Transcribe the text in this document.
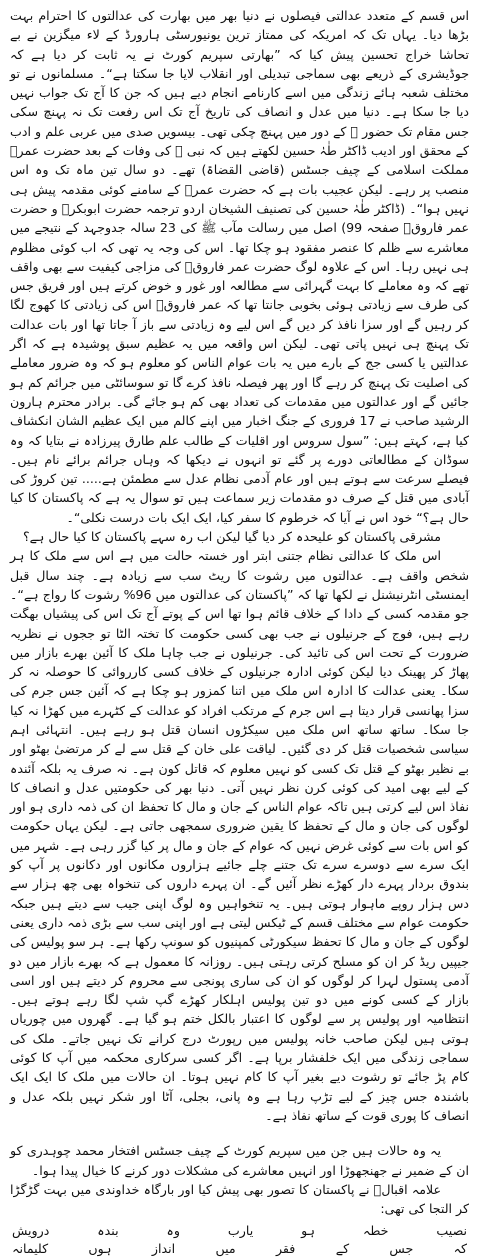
اس قسم کے متعدد عدالتی فیصلوں نے دنیا بھر میں بھارت کی عدالتوں کا احترام بہت بڑھا دیا۔ یہاں تک کہ امریکہ کی ممتاز ترین یونیورسٹی ہارورڈ کے لاء میگزین نے بے تحاشا خراج تحسین پیش کیا کہ ”بھارتی سپریم کورٹ نے یہ ثابت کر دیا ہے کہ جوڈیشری کے ذریعے بھی سماجی تبدیلی اور انقلاب لایا جا سکتا ہے“۔ مسلمانوں نے تو مختلف شعبہ ہائے زندگی میں اسے کارنامے انجام دیے ہیں کہ جن کا آج تک جواب نہیں دیا جا سکا ہے۔ دنیا میں عدل و انصاف کی تاریخ آج تک اس رفعت تک نہ پہنچ سکی جس مقام تک حضور ﷺ کے دور میں پہنچ چکی تھی۔ بیسویں صدی میں عربی علم و ادب کے محقق اور ادیب ڈاکٹر طٰہٰ حسین لکھتے ہیں کہ نبی ﷺ کی وفات کے بعد حضرت عمرؓ مملکت اسلامی کے چیف جسٹس (قاضی القضاۃ) تھے۔ دو سال تین ماہ تک وہ اس منصب پر رہے۔ لیکن عجیب بات ہے کہ حضرت عمرؓ کے سامنے کوئی مقدمہ پیش ہی نہیں ہوا“۔ (ڈاکٹر طٰہٰ حسین کی تصنیف الشیخان اردو ترجمہ حضرت ابوبکرؓ و حضرت عمر فاروقؓ صفحہ 99) اصل میں رسالت مآب ﷺ کی 23 سالہ جدوجہد کے نتیجے میں معاشرے سے ظلم کا عنصر مفقود ہو چکا تھا۔ اس کی وجہ یہ تھی کہ اب کوئی مظلوم ہی نہیں رہا۔ اس کے علاوہ لوگ حضرت عمر فاروقؓ کی مزاجی کیفیت سے بھی واقف تھے کہ وہ معاملے کا بہت گہرائی سے مطالعہ اور غور و خوض کرتے ہیں اور فریق جس کی طرف سے زیادتی ہوئی بخوبی جانتا تھا کہ عمر فاروقؓ اس کی زیادتی کا کھوج لگا کر رہیں گے اور سزا نافذ کر دیں گے اس لیے وہ زیادتی سے باز آ جاتا تھا اور بات عدالت تک پہنچ ہی نہیں پاتی تھی۔ لیکن اس واقعہ میں یہ عظیم سبق پوشیدہ ہے کہ اگر عدالتیں یا کسی جج کے بارے میں یہ بات عوام الناس کو معلوم ہو کہ وہ ضرور معاملے کی اصلیت تک پہنچ کر رہے گا اور پھر فیصلہ نافذ کرے گا تو سوسائٹی میں جرائم کم ہو جائیں گے اور عدالتوں میں مقدمات کی تعداد بھی کم ہو جائے گی۔ برادر محترم ہارون الرشید صاحب نے 17 فروری کے جنگ اخبار میں اپنے کالم میں ایک عظیم الشان انکشاف کیا ہے، کہتے ہیں: ”سول سروس اور اقلیات کے طالب علم طارق پیرزادہ نے بتایا کہ وہ سوڈان کے مطالعاتی دورے پر گئے تو انہوں نے دیکھا کہ وہاں جرائم برائے نام ہیں۔ فیصلے سرعت سے ہوتے ہیں اور عام آدمی نظام عدل سے مطمئن ہے..... تین کروڑ کی آبادی میں قتل کے صرف دو مقدمات زیر سماعت ہیں تو سوال یہ ہے کہ پاکستان کا کیا حال ہے؟“ خود اس نے آیا کہ خرطوم کا سفر کیا، ایک ایک بات درست نکلی“۔

مشرقی پاکستان کو علیحدہ کر دیا گیا لیکن اب رہ سہے پاکستان کا کیا حال ہے؟

اس ملک کا عدالتی نظام جتنی ابتر اور خستہ حالت میں ہے اس سے ملک کا ہر شخص واقف ہے۔ عدالتوں میں رشوت کا ریٹ سب سے زیادہ ہے۔ چند سال قبل ایمنسٹی انٹرنیشنل نے لکھا تھا کہ ”پاکستان کی عدالتوں میں 96% رشوت کا رواج ہے“۔ جو مقدمہ کسی کے دادا کے خلاف قائم ہوا تھا اس کے پوتے آج تک اس کی پیشیاں بھگت رہے ہیں، فوج کے جرنیلوں نے جب بھی کسی حکومت کا تختہ الٹا تو ججوں نے نظریہ ضرورت کے تحت اس کی تائید کی۔ جرنیلوں نے جب چاہا ملک کا آئین بھرے بازار میں پھاڑ کر پھینک دیا لیکن کوئی ادارہ جرنیلوں کے خلاف کسی کارروائی کا حوصلہ نہ کر سکا۔ یعنی عدالت کا ادارہ اس ملک میں اتنا کمزور ہو چکا ہے کہ آئین جس جرم کی سزا پھانسی قرار دیتا ہے اس جرم کے مرتکب افراد کو عدالت کے کٹہرے میں کھڑا نہ کیا جا سکا۔ ساتھ ساتھ اس ملک میں سیکڑوں انسان قتل ہو رہے ہیں۔ انتہائی اہم سیاسی شخصیات قتل کر دی گئیں۔ لیاقت علی خان کے قتل سے لے کر مرتضیٰ بھٹو اور بے نظیر بھٹو کے قتل تک کسی کو نہیں معلوم کہ قاتل کون ہے۔ نہ صرف یہ بلکہ آئندہ کے لیے بھی امید کی کوئی کرن نظر نہیں آتی۔ دنیا بھر کی حکومتیں عدل و انصاف کا نفاذ اس لیے کرتی ہیں تاکہ عوام الناس کے جان و مال کا تحفظ ان کی ذمہ داری ہو اور لوگوں کی جان و مال کے تحفظ کا یقین ضروری سمجھی جاتی ہے۔ لیکن یہاں حکومت کو اس بات سے کوئی غرض نہیں کہ عوام کے جان و مال پر کیا گزر رہی ہے۔ شہر میں ایک سرے سے دوسرے سرے تک جتنے چلے جائیے ہزاروں مکانوں اور دکانوں پر آپ کو بندوق بردار پہرے دار کھڑے نظر آئیں گے۔ ان پہرے داروں کی تنخواہ بھی چھ ہزار سے دس ہزار روپے ماہوار ہوتی ہیں۔ یہ تنخواہیں وہ لوگ اپنی جیب سے دیتے ہیں جبکہ حکومت عوام سے مختلف قسم کے ٹیکس لیتی ہے اور اپنی سب سے بڑی ذمہ داری یعنی لوگوں کے جان و مال کا تحفظ سیکورٹی کمپنیوں کو سونپ رکھا ہے۔ ہر سو پولیس کی جیپیں ریڈ کر ان کو مسلح کرتی رہتی ہیں۔ روزانہ کا معمول ہے کہ بھرے بازار میں دو آدمی پستول لہرا کر لوگوں کو ان کی ساری پونجی سے محروم کر دیتے ہیں اور اسی بازار کے کسی کونے میں دو تین پولیس اہلکار کھڑے گپ شپ لگا رہے ہوتے ہیں۔ انتظامیہ اور پولیس پر سے لوگوں کا اعتبار بالکل ختم ہو گیا ہے۔ گھروں میں چوریاں ہوتی ہیں لیکن صاحب خانہ پولیس میں رپورٹ درج کرانے تک نہیں جاتے۔ ملک کی سماجی زندگی میں ایک خلفشار برپا ہے۔ اگر کسی سرکاری محکمہ میں آپ کا کوئی کام پڑ جائے تو رشوت دیے بغیر آپ کا کام نہیں ہوتا۔ ان حالات میں ملک کا ایک ایک باشندہ جس چیز کے لیے تڑپ رہا ہے وہ پانی، بجلی، آٹا اور شکر نہیں بلکہ عدل و انصاف کا پوری قوت کے ساتھ نفاذ ہے۔

یہ وہ حالات ہیں جن میں سپریم کورٹ کے چیف جسٹس افتخار محمد چوہدری کو ان کے ضمیر نے جھنجھوڑا اور انہیں معاشرے کی مشکلات دور کرنے کا خیال پیدا ہوا۔

علامہ اقبالؒ نے پاکستان کا تصور بھی پیش کیا اور بارگاہ خداوندی میں بہت گڑگڑا کر التجا کی تھی:

نصیب
خطہ
ہو
یارب
وہ
بندہ
درویش
کہ
جس
کے
فقر
میں
انداز
ہوں
کلیمانہ
